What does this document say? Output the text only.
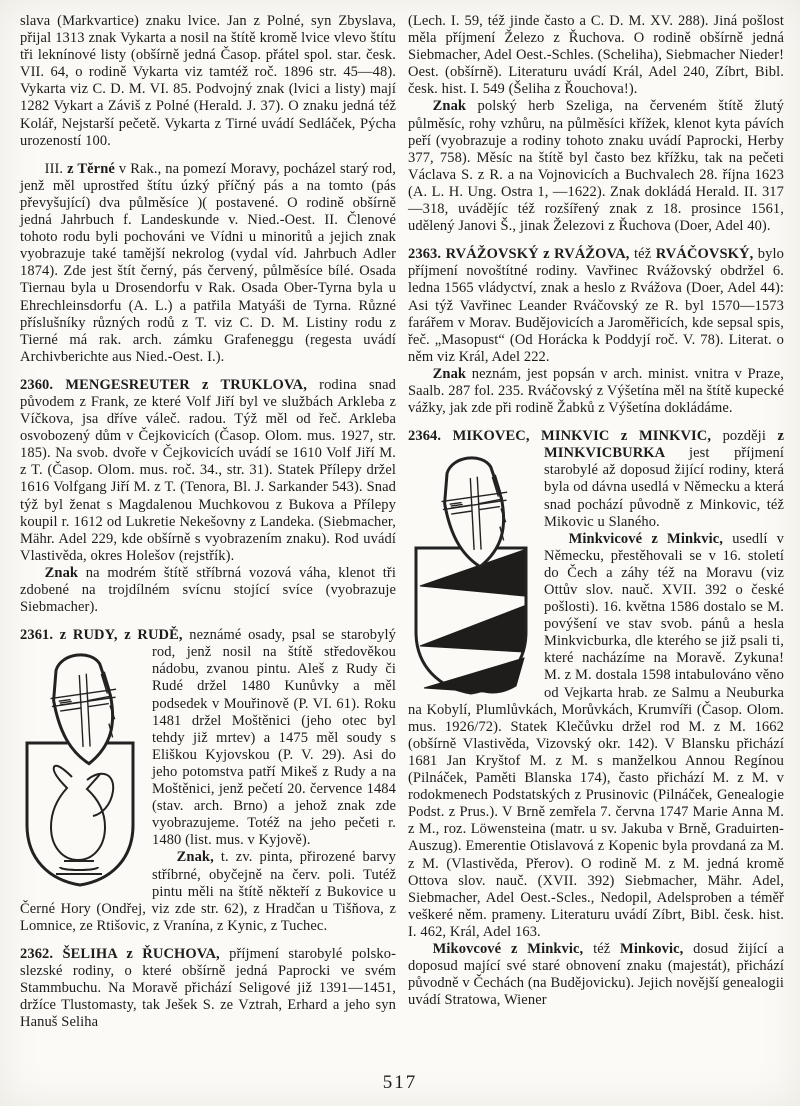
slava (Markvartice) znaku lvice. Jan z Polné, syn Zbyslava, přijal 1313 znak Vykarta a nosil na štítě kromě lvice vlevo štítu tři leknínové listy (obšírně jedná Časop. přátel spol. star. česk. VII. 64, o rodině Vykarta viz tamtéž roč. 1896 str. 45—48). Vykarta viz C. D. M. VI. 85. Podvojný znak (lvici a listy) mají 1282 Vykart a Záviš z Polné (Herald. J. 37). O znaku jedná též Kolář, Nejstarší pečetě. Vykarta z Tirné uvádí Sedláček, Pýcha urozeností 100.

III. z Těrné v Rak., na pomezí Moravy, pocházel starý rod, jenž měl uprostřed štítu úzký příčný pás a na tomto (pás převyšující) dva půlměsíce )( postavené. O rodině obšírně jedná Jahrbuch f. Landeskunde v. Nied.-Oest. II. Členové tohoto rodu byli pochováni ve Vídni u minoritů a jejich znak vyobrazuje také tamější nekrolog (vydal víd. Jahrbuch Adler 1874). Zde jest štít černý, pás červený, půlměsíce bílé. Osada Tiernau byla u Drosendorfu v Rak. Osada Ober-Tyrna byla u Ehrechleinsdorfu (A. L.) a patřila Matyáši de Tyrna. Různé příslušníky různých rodů z T. viz C. D. M. Listiny rodu z Tierné má rak. arch. zámku Grafeneggu (regesta uvádí Archivberichte aus Nied.-Oest. I.).

2360. MENGESREUTER z TRUKLOVA, rodina snad původem z Frank, ze které Volf Jiří byl ve službách Arkleba z Víčkova, jsa dříve váleč. radou. Týž měl od řeč. Arkleba osvobozený dům v Čejkovicích (Časop. Olom. mus. 1927, str. 185). Na svob. dvoře v Čejkovicích uvádí se 1610 Volf Jiří M. z T. (Časop. Olom. mus. roč. 34., str. 31). Statek Přílepy držel 1616 Volfgang Jiří M. z T. (Tenora, Bl. J. Sarkander 543). Snad týž byl ženat s Magdalenou Muchkovou z Bukova a Přílepy koupil r. 1612 od Lukretie Nekešovny z Landeka. (Siebmacher, Mähr. Adel 229, kde obšírně s vyobrazením znaku). Rod uvádí Vlastivěda, okres Holešov (rejstřík).

Znak na modrém štítě stříbrná vozová váha, klenot tři zdobené na trojdílném svícnu stojící svíce (vyobrazuje Siebmacher).

2361. z RUDY, z RUDĚ, neznámé osady, psal se
starobylý rod, jenž nosil na štítě středověkou nádobu, zvanou pintu. Aleš z Rudy či Rudé držel 1480 Kunůvky a měl podsedek v Mouřinově (P. VI. 61). Roku 1481 držel Moštěnici (jeho otec byl tehdy již mrtev) a 1475 měl soudy s Eliškou Kyjovskou (P. V. 29). Asi do jeho potomstva patří Mikeš z Rudy a na Moštěnici, jenž pečetí 20. července 1484 (stav. arch. Brno) a jehož znak zde vyobrazujeme. Totéž na jeho pečeti r. 1480 (list. mus. v Kyjově).

Znak, t. zv. pinta, přirozené barvy stříbrné, obyčejně na červ. poli. Tutéž pintu měli na štítě někteří z Bukovice u Černé Hory (Ondřej, viz zde str. 62), z Hradčan u Tišňova, z Lomnice, ze Rtišovic, z Vranína, z Kynic, z Tuchec.

2362. ŠELIHA z ŘUCHOVA, příjmení starobylé polsko-slezské rodiny, o které obšírně jedná Paprocki ve svém Stammbuchu. Na Moravě přichází Seligové již 1391—1451, držíce Tlustomasty, tak Ješek S. ze Vztrah, Erhard a jeho syn Hanuš Seliha

(Lech. I. 59, též jinde často a C. D. M. XV. 288). Jiná pošlost měla příjmení Železo z Řuchova. O rodině obšírně jedná Siebmacher, Adel Oest.-Schles. (Scheliha), Siebmacher Nieder! Oest. (obšírně). Literaturu uvádí Král, Adel 240, Zíbrt, Bibl. česk. hist. I. 549 (Šeliha z Řouchova!).

Znak polský herb Szeliga, na červeném štítě žlutý půlměsíc, rohy vzhůru, na půlměsíci křížek, klenot kyta pávích peří (vyobrazuje a rodiny tohoto znaku uvádí Paprocki, Herby 377, 758). Měsíc na štítě byl často bez křížku, tak na pečeti Václava S. z R. a na Vojnovicích a Buchvalech 28. října 1623 (A. L. H. Ung. Ostra 1, —1622). Znak dokládá Herald. II. 317—318, uvádějíc též rozšířený znak z 18. prosince 1561, udělený Janovi Š., jinak Železovi z Řuchova (Doer, Adel 40).

2363. RVÁŽOVSKÝ z RVÁŽOVA, též RVÁČOVSKÝ, bylo příjmení novoštítné rodiny. Vavřinec Rvážovský obdržel 6. ledna 1565 vládyctví, znak a heslo z Rvážova (Doer, Adel 44): Asi týž Vavřinec Leander Rváčovský ze R. byl 1570—1573 farářem v Morav. Budějovicích a Jaroměřicích, kde sepsal spis, řeč. „Masopust“ (Od Horácka k Poddyjí roč. V. 78). Literat. o něm viz Král, Adel 222.

Znak neznám, jest popsán v arch. minist. vnitra v Praze, Saalb. 287 fol. 235. Rváčovský z Výšetína měl na štítě kupecké vážky, jak zde při rodině Žabků z Výšetína dokládáme.

2364. MIKOVEC, MINKVIC z MINKVIC, později
z MINKVICBURKA jest příjmení starobylé až doposud žijící rodiny, která byla od dávna usedlá v Německu a která snad pochází původně z Minkovic, též Mikovic u Slaného.

Minkvicové z Minkvic, usedlí v Německu, přestěhovali se v 16. století do Čech a záhy též na Moravu (viz Ottův slov. nauč. XVII. 392 o české pošlosti). 16. května 1586 dostalo se M. povýšení ve stav svob. pánů a hesla Minkvicburka, dle kterého se již psali ti, které nacházíme na Moravě. Zykuna! M. z M. dostala 1598 intabulováno věno od Vejkarta hrab. ze Salmu a Neuburka na Kobylí, Plumlůvkách, Morůvkách, Krumvíři (Časop. Olom. mus. 1926/72). Statek Klečůvku držel rod M. z M. 1662 (obšírně Vlastivěda, Vizovský okr. 142). V Blansku přichází 1681 Jan Kryštof M. z M. s manželkou Annou Regínou (Pilnáček, Paměti Blanska 174), často přichází M. z M. v rodokmenech Podstatských z Prusinovic (Pilnáček, Genealogie Podst. z Prus.). V Brně zemřela 7. června 1747 Marie Anna M. z M., roz. Löwensteina (matr. u sv. Jakuba v Brně, Graduirten-Auszug). Emerentie Otislavová z Kopenic byla provdaná za M. z M. (Vlastivěda, Přerov). O rodině M. z M. jedná kromě Ottova slov. nauč. (XVII. 392) Siebmacher, Mähr. Adel, Siebmacher, Adel Oest.-Scles., Nedopil, Adelsproben a téměř veškeré něm. prameny. Literaturu uvádí Zíbrt, Bibl. česk. hist. I. 462, Král, Adel 163.

Mikovcové z Minkvic, též Minkovic, dosud žijící a doposud mající své staré obnovení znaku (majestát), přichází původně v Čechách (na Budějovicku). Jejich novější genealogii uvádí Stratowa, Wiener

517
